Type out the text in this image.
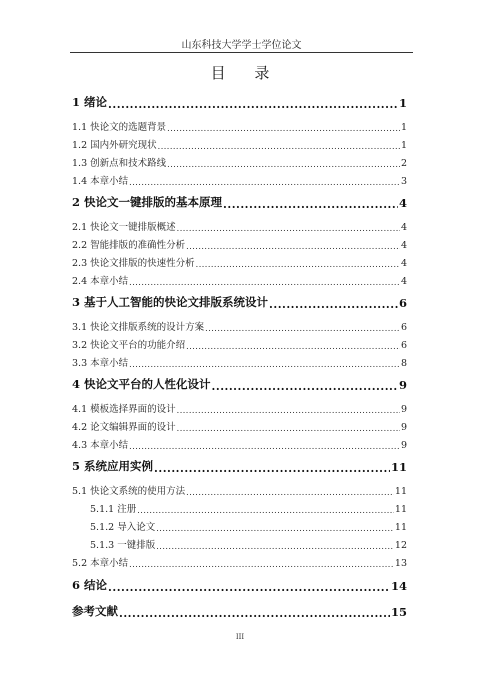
山东科技大学学士学位论文
目 录
1 绪论 .....	1
1.1 快论文的选题背景 .....	1
1.2 国内外研究现状 .....	1
1.3 创新点和技术路线 .....	2
1.4 本章小结 .....	3
2 快论文一键排版的基本原理 .....	4
2.1 快论文一键排版概述 .....	4
2.2 智能排版的准确性分析 .....	4
2.3 快论文排版的快速性分析 .....	4
2.4 本章小结 .....	4
3 基于人工智能的快论文排版系统设计 .....	6
3.1 快论文排版系统的设计方案 .....	6
3.2 快论文平台的功能介绍 .....	6
3.3 本章小结 .....	8
4 快论文平台的人性化设计 .....	9
4.1 模板选择界面的设计 .....	9
4.2 论文编辑界面的设计 .....	9
4.3 本章小结 .....	9
5 系统应用实例 .....	11
5.1 快论文系统的使用方法 .....	11
5.1.1 注册 .....	11
5.1.2 导入论文 .....	11
5.1.3 一键排版 .....	12
5.2 本章小结 .....	13
6 结论 .....	14
参考文献 .....	15
III
